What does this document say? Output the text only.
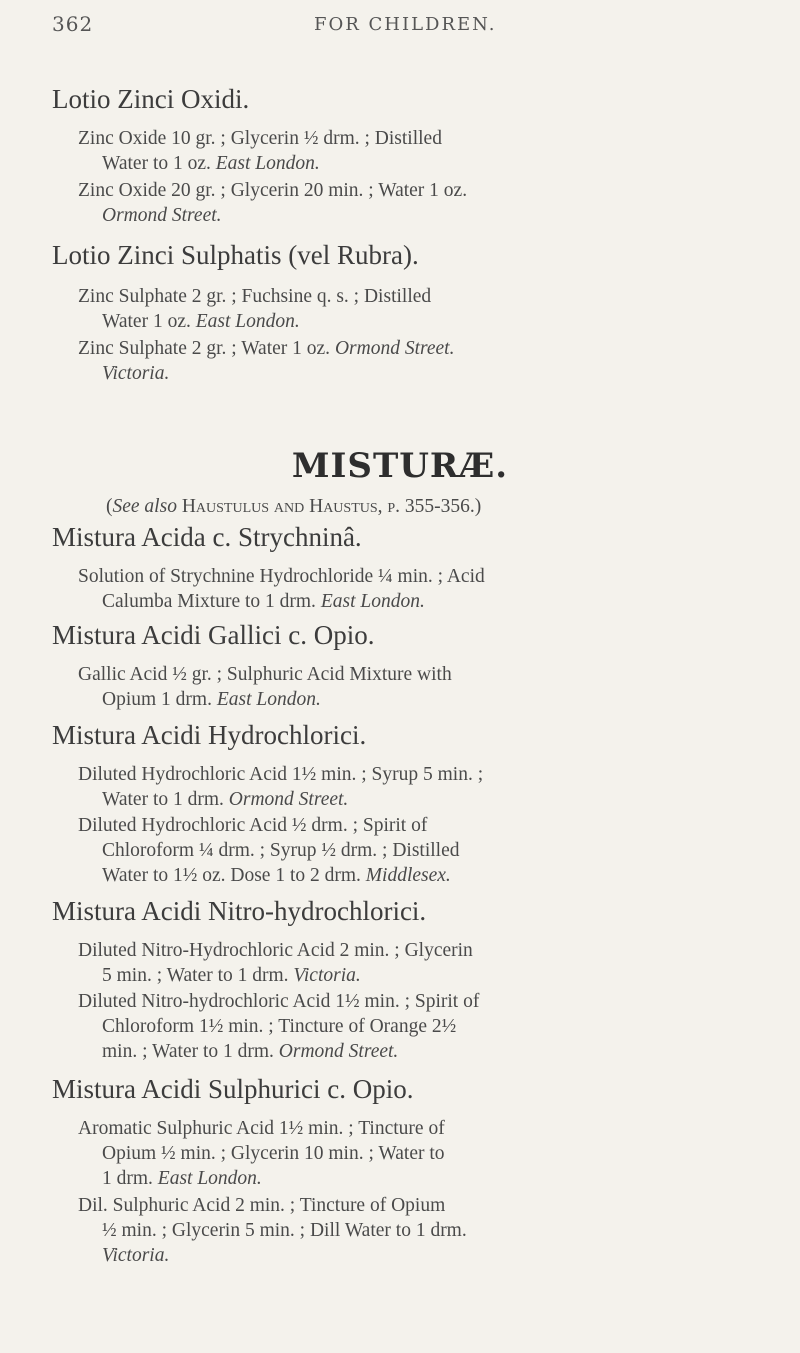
362	FOR CHILDREN.
Lotio Zinci Oxidi.
Zinc Oxide 10 gr. ; Glycerin ½ drm. ; Distilled
Water to 1 oz. East London.
Zinc Oxide 20 gr. ; Glycerin 20 min. ; Water 1 oz.
Ormond Street.
Lotio Zinci Sulphatis (vel Rubra).
Zinc Sulphate 2 gr. ; Fuchsine q. s. ; Distilled
Water 1 oz. East London.
Zinc Sulphate 2 gr. ; Water 1 oz. Ormond Street.
Victoria.
MISTURÆ.
(See also Haustulus and Haustus, p. 355-356.)
Mistura Acida c. Strychninâ.
Solution of Strychnine Hydrochloride ¼ min. ; Acid
Calumba Mixture to 1 drm. East London.
Mistura Acidi Gallici c. Opio.
Gallic Acid ½ gr. ; Sulphuric Acid Mixture with
Opium 1 drm. East London.
Mistura Acidi Hydrochlorici.
Diluted Hydrochloric Acid 1½ min. ; Syrup 5 min. ;
Water to 1 drm. Ormond Street.
Diluted Hydrochloric Acid ½ drm. ; Spirit of
Chloroform ¼ drm. ; Syrup ½ drm. ; Distilled
Water to 1½ oz. Dose 1 to 2 drm. Middlesex.
Mistura Acidi Nitro-hydrochlorici.
Diluted Nitro-Hydrochloric Acid 2 min. ; Glycerin
5 min. ; Water to 1 drm. Victoria.
Diluted Nitro-hydrochloric Acid 1½ min. ; Spirit of
Chloroform 1½ min. ; Tincture of Orange 2½
min. ; Water to 1 drm. Ormond Street.
Mistura Acidi Sulphurici c. Opio.
Aromatic Sulphuric Acid 1½ min. ; Tincture of
Opium ½ min. ; Glycerin 10 min. ; Water to
1 drm. East London.
Dil. Sulphuric Acid 2 min. ; Tincture of Opium
½ min. ; Glycerin 5 min. ; Dill Water to 1 drm.
Victoria.
